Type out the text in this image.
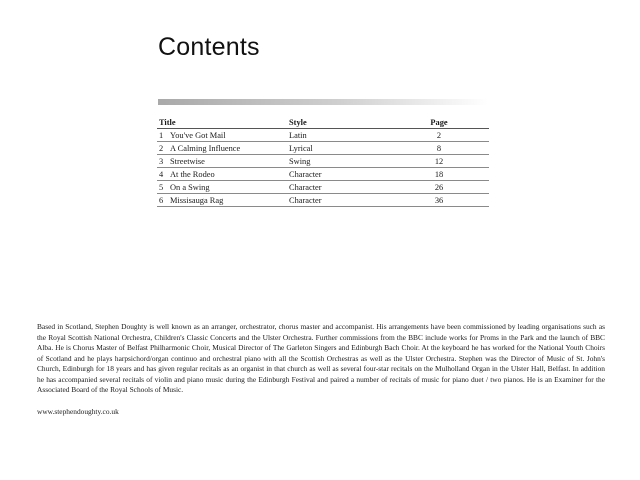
Contents
Title	Style	Page
1 You've Got Mail	Latin	2
2 A Calming Influence	Lyrical	8
3 Streetwise	Swing	12
4 At the Rodeo	Character	18
5 On a Swing	Character	26
6 Missisauga Rag	Character	36

Based in Scotland, Stephen Doughty is well known as an arranger, orchestrator, chorus master and accompanist. His arrangements have been commissioned by leading organisations such as the Royal Scottish National Orchestra, Children's Classic Concerts and the Ulster Orchestra. Further commissions from the BBC include works for Proms in the Park and the launch of BBC Alba. He is Chorus Master of Belfast Philharmonic Choir, Musical Director of The Garleton Singers and Edinburgh Bach Choir. At the keyboard he has worked for the National Youth Choirs of Scotland and he plays harpsichord/organ continuo and orchestral piano with all the Scottish Orchestras as well as the Ulster Orchestra. Stephen was the Director of Music of St. John's Church, Edinburgh for 18 years and has given regular recitals as an organist in that church as well as several four-star recitals on the Mulholland Organ in the Ulster Hall, Belfast. In addition he has accompanied several recitals of violin and piano music during the Edinburgh Festival and paired a number of recitals of music for piano duet / two pianos. He is an Examiner for the Associated Board of the Royal Schools of Music.

www.stephendoughty.co.uk
